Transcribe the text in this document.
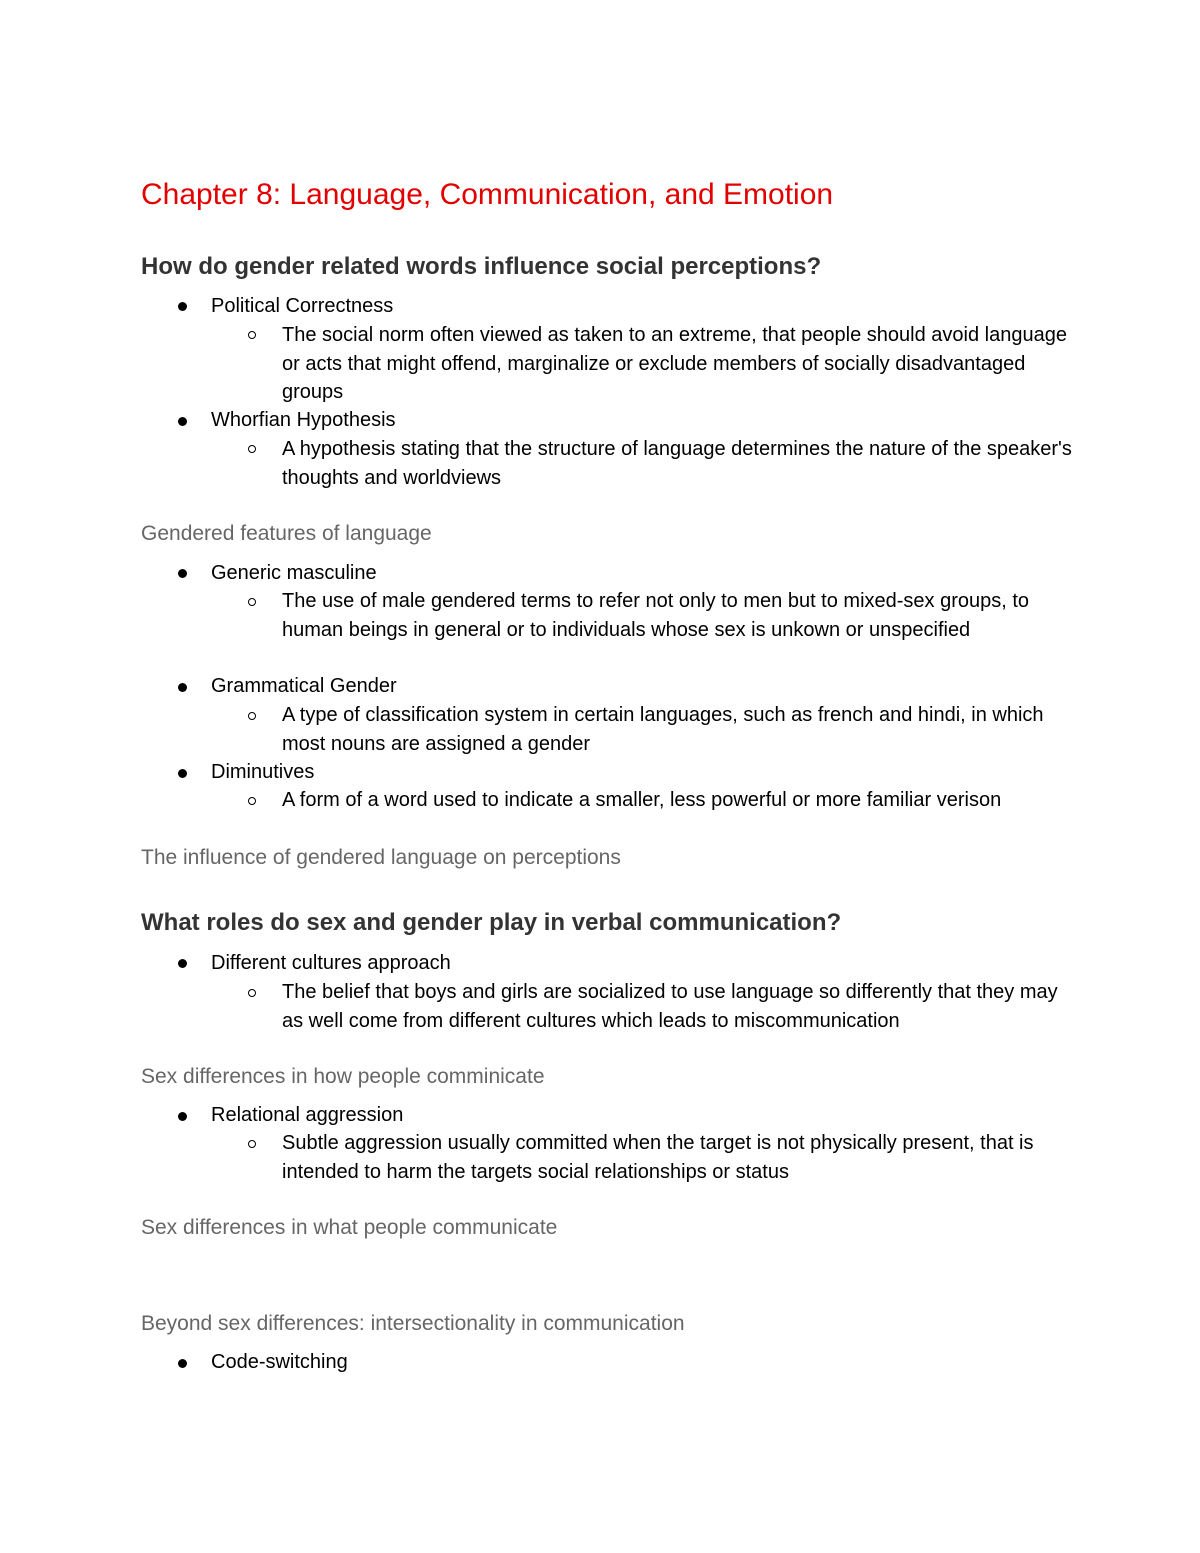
Chapter 8: Language, Communication, and Emotion
How do gender related words influence social perceptions?

Political Correctness

The social norm often viewed as taken to an extreme, that people should avoid language or acts that might offend, marginalize or exclude members of socially disadvantaged groups

Whorfian Hypothesis

A hypothesis stating that the structure of language determines the nature of the speaker's thoughts and worldviews

Gendered features of language

Generic masculine

The use of male gendered terms to refer not only to men but to mixed-sex groups, to human beings in general or to individuals whose sex is unkown or unspecified

Grammatical Gender

A type of classification system in certain languages, such as french and hindi, in which most nouns are assigned a gender

Diminutives

A form of a word used to indicate a smaller, less powerful or more familiar verison

The influence of gendered language on perceptions
What roles do sex and gender play in verbal communication?

Different cultures approach

The belief that boys and girls are socialized to use language so differently that they may as well come from different cultures which leads to miscommunication

Sex differences in how people comminicate

Relational aggression

Subtle aggression usually committed when the target is not physically present, that is intended to harm the targets social relationships or status

Sex differences in what people communicate
Beyond sex differences: intersectionality in communication

Code-switching
